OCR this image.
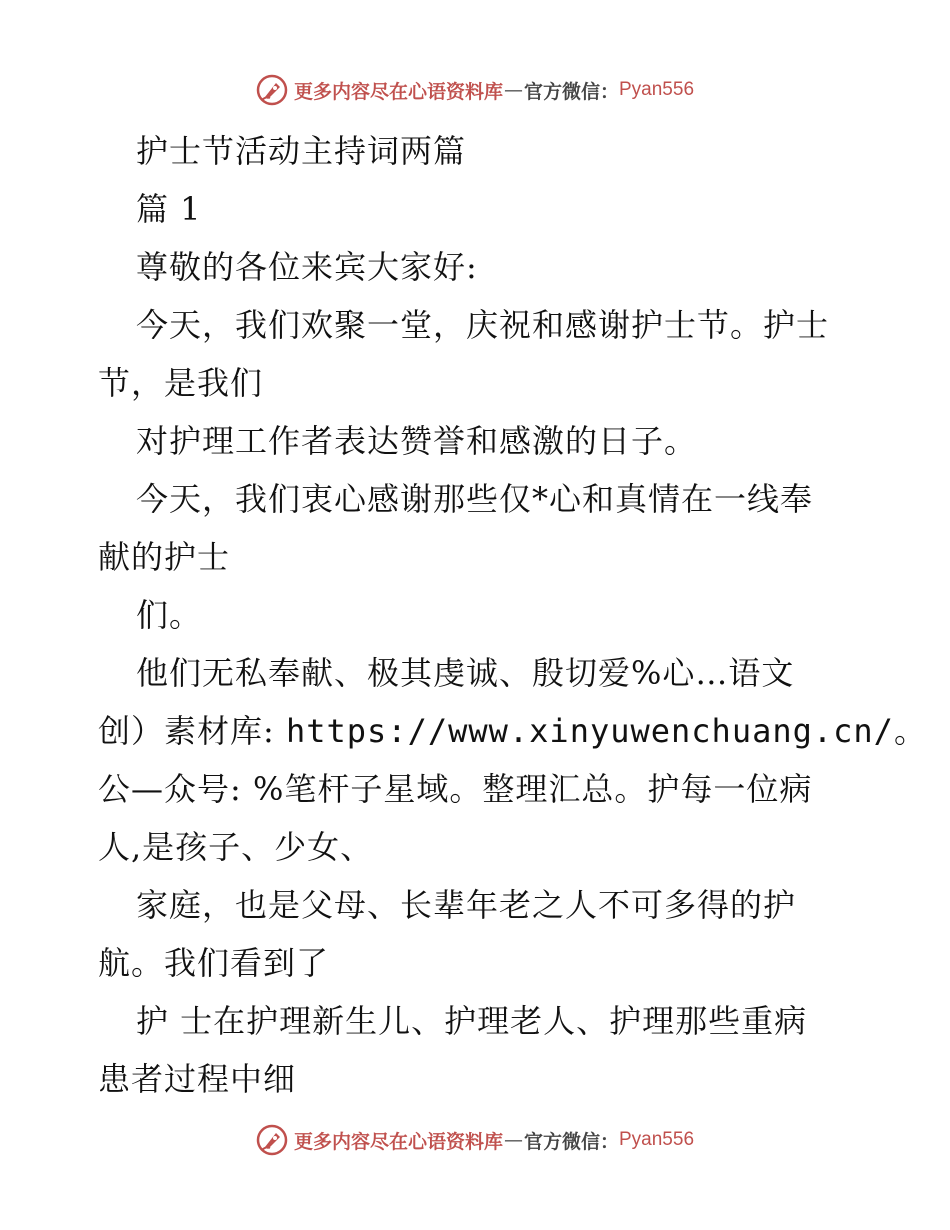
更多内容尽在心语资料库 — 官方微信： Pyan556
护士节活动主持词两篇
篇 1
尊敬的各位来宾大家好:
今天，我们欢聚一堂，庆祝和感谢护士节。护士
节，是我们
对护理工作者表达赞誉和感激的日子。
今天，我们衷心感谢那些仅*心和真情在一线奉
献的护士
们。
他们无私奉献、极其虔诚、殷切爱%心…语文
创）素材库: https://www.xinyuwenchuang.cn/。
公—众号: %笔杆子星域。整理汇总。护每一位病
人,是孩子、少女、
家庭，也是父母、长辈年老之人不可多得的护
航。我们看到了
护 士在护理新生儿、护理老人、护理那些重病
患者过程中细
更多内容尽在心语资料库 — 官方微信： Pyan556
